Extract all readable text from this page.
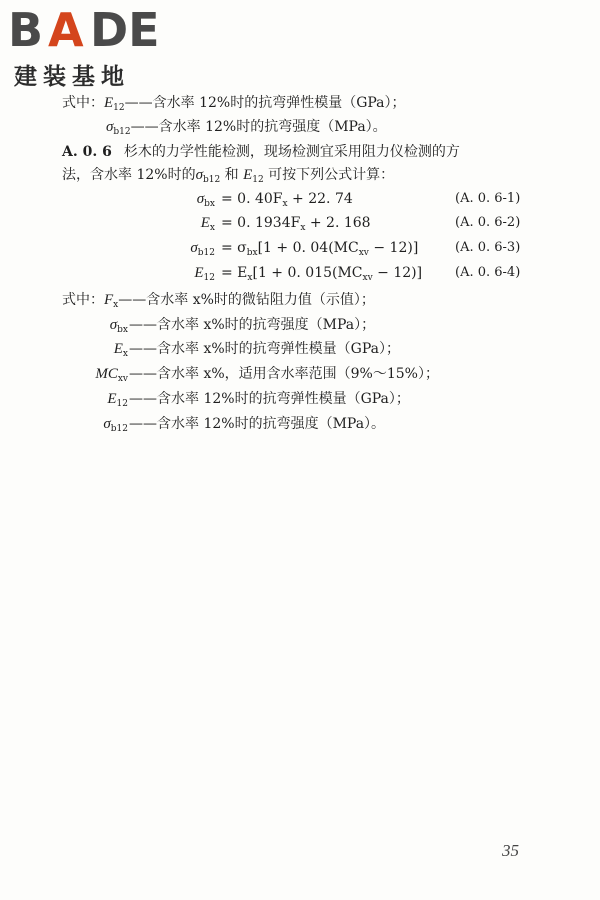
B A DE
建装基地
式中：$E_{12}——$含水率 12%时的抗弯弹性模量（GPa）；
$\sigma_{b12}——$含水率 12%时的抗弯强度（MPa）。
A. 0. 6 杉木的力学性能检测，现场检测宜采用阻力仪检测的方
法，含水率 12%时的$\sigma_{b12}$ 和 $E_{12}$ 可按下列公式计算：
$\sigma_{bx} = 0$. $40F_x + 22$. 74	(A. 0. 6-1)
$E_x = 0$. $1934F_x + 2$. 168	(A. 0. 6-2)
$\sigma_{b12} = \sigma_{bx}[1 + 0$. $04(MC_{xv} - 12)$]	(A. 0. 6-3)
$E_{12} = E_x[1 + 0$. $015(MC_{xv} - 12)$]	(A. 0. 6-4)
式中：$F_x——$含水率 x%时的微钻阻力值（示值）；
$\sigma_{bx}$ ——含水率 x%时的抗弯强度（MPa）；
$E_x$ ——含水率 x%时的抗弯弹性模量（GPa）；
$MC_{xv}$ ——含水率 x%，适用含水率范围（9%～15%）；
$E_{12}$ ——含水率 12%时的抗弯弹性模量（GPa）；
$\sigma_{b12}$ ——含水率 12%时的抗弯强度（MPa）。
35
